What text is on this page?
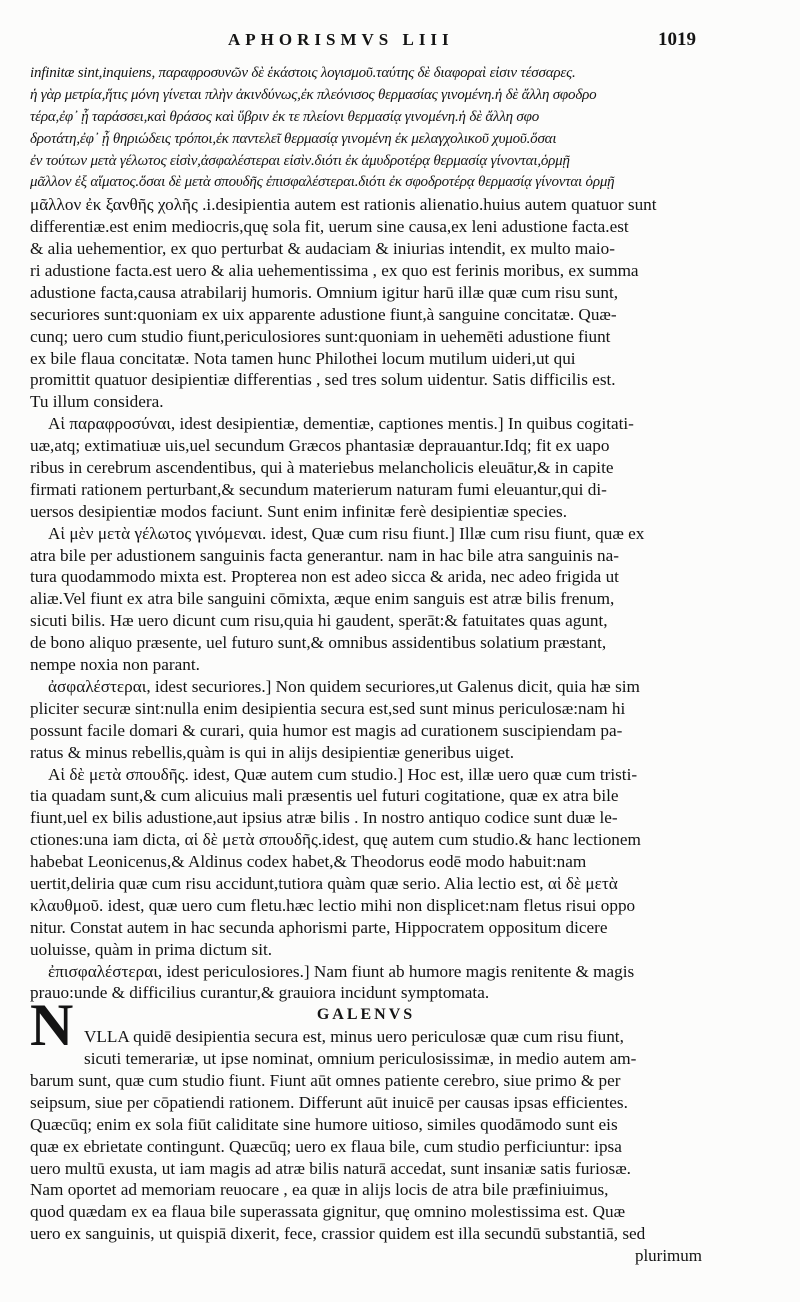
APHORISMVS LIII	1019
infinitæ sint,inquiens, παραφροσυνῶν δὲ ἑκάστοις λογισμοῦ.ταύτης δὲ διαφοραὶ εἰσιν τέσσαρες.
ἡ γὰρ μετρία,ἥτις μόνη γίνεται πλὴν ἀκινδύνως,ἐκ πλεόνισος θερμασίας γινομένη.ἡ δὲ ἄλλη σφοδρο
τέρα,ἐφ᾽ ᾗ ταράσσει,καὶ θράσος καὶ ὕβριν ἐκ τε πλείονι θερμασίᾳ γινομένη.ἡ δὲ ἄλλη σφο
δροτάτη,ἐφ᾽ ᾗ θηριώδεις τρόποι,ἐκ παντελεῖ θερμασίᾳ γινομένη ἐκ μελαγχολικοῦ χυμοῦ.ὅσαι
ἐν τούτων μετὰ γέλωτος εἰσὶν,ἀσφαλέστεραι εἰσὶν.διότι ἐκ ἀμυδροτέρᾳ θερμασίᾳ γίνονται,ὁρμῇ
μᾶλλον ἐξ αἵματος.ὅσαι δὲ μετὰ σπουδῆς ἐπισφαλέστεραι.διότι ἐκ σφοδροτέρᾳ θερμασίᾳ γίνονται ὁρμῇ
μᾶλλον ἐκ ξανθῆς χολῆς .i.desipientia autem est rationis alienatio.huius autem quatuor sunt
differentiæ.est enim mediocris,quę sola fit, uerum sine causa,ex leni adustione facta.est
& alia uehementior, ex quo perturbat & audaciam & iniurias intendit, ex multo maio-
ri adustione facta.est uero & alia uehementissima , ex quo est ferinis moribus, ex summa
adustione facta,causa atrabilarij humoris. Omnium igitur harū illæ quæ cum risu sunt,
securiores sunt:quoniam ex uix apparente adustione fiunt,à sanguine concitatæ. Quæ-
cunq; uero cum studio fiunt,periculosiores sunt:quoniam in uehemēti adustione fiunt
ex bile flaua concitatæ. Nota tamen hunc Philothei locum mutilum uideri,ut qui
promittit quatuor desipientiæ differentias , sed tres solum uidentur. Satis difficilis est.
Tu illum considera.
Αἱ παραφροσύναι, idest desipientiæ, dementiæ, captiones mentis.] In quibus cogitati-
uæ,atq; extimatiuæ uis,uel secundum Græcos phantasiæ deprauantur.Idq; fit ex uapo
ribus in cerebrum ascendentibus, qui à materiebus melancholicis eleuātur,& in capite
firmati rationem perturbant,& secundum materierum naturam fumi eleuantur,qui di-
uersos desipientiæ modos faciunt. Sunt enim infinitæ ferè desipientiæ species.
Αἱ μὲν μετὰ γέλωτος γινόμεναι. idest, Quæ cum risu fiunt.] Illæ cum risu fiunt, quæ ex
atra bile per adustionem sanguinis facta generantur. nam in hac bile atra sanguinis na-
tura quodammodo mixta est. Propterea non est adeo sicca & arida, nec adeo frigida ut
aliæ.Vel fiunt ex atra bile sanguini cōmixta, æque enim sanguis est atræ bilis frenum,
sicuti bilis. Hæ uero dicunt cum risu,quia hi gaudent, sperāt:& fatuitates quas agunt,
de bono aliquo præsente, uel futuro sunt,& omnibus assidentibus solatium præstant,
nempe noxia non parant.
ἀσφαλέστεραι, idest securiores.] Non quidem securiores,ut Galenus dicit, quia hæ sim
pliciter securæ sint:nulla enim desipientia secura est,sed sunt minus periculosæ:nam hi
possunt facile domari & curari, quia humor est magis ad curationem suscipiendam pa-
ratus & minus rebellis,quàm is qui in alijs desipientiæ generibus uiget.
Αἱ δὲ μετὰ σπουδῆς. idest, Quæ autem cum studio.] Hoc est, illæ uero quæ cum tristi-
tia quadam sunt,& cum alicuius mali præsentis uel futuri cogitatione, quæ ex atra bile
fiunt,uel ex bilis adustione,aut ipsius atræ bilis . In nostro antiquo codice sunt duæ le-
ctiones:una iam dicta, αἱ δὲ μετὰ σπουδῆς.idest, quę autem cum studio.& hanc lectionem
habebat Leonicenus,& Aldinus codex habet,& Theodorus eodē modo habuit:nam
uertit,deliria quæ cum risu accidunt,tutiora quàm quæ serio. Alia lectio est, αἱ δὲ μετὰ
κλαυθμοῦ. idest, quæ uero cum fletu.hæc lectio mihi non displicet:nam fletus risui oppo
nitur. Constat autem in hac secunda aphorismi parte, Hippocratem oppositum dicere
uoluisse, quàm in prima dictum sit.
ἐπισφαλέστεραι, idest periculosiores.] Nam fiunt ab humore magis renitente & magis
prauo:unde & difficilius curantur,& grauiora incidunt symptomata.
GALENVS
VLLA quidē desipientia secura est, minus uero periculosæ quæ cum risu fiunt,
sicuti temerariæ, ut ipse nominat, omnium periculosissimæ, in medio autem am-
barum sunt, quæ cum studio fiunt. Fiunt aūt omnes patiente cerebro, siue primo & per
seipsum, siue per cōpatiendi rationem. Differunt aūt inuicē per causas ipsas efficientes.
Quæcūq; enim ex sola fiūt caliditate sine humore uitioso, similes quodāmodo sunt eis
quæ ex ebrietate contingunt. Quæcūq; uero ex flaua bile, cum studio perficiuntur: ipsa
uero multū exusta, ut iam magis ad atræ bilis naturā accedat, sunt insaniæ satis furiosæ.
Nam oportet ad memoriam reuocare , ea quæ in alijs locis de atra bile præfiniuimus,
quod quædam ex ea flaua bile superassata gignitur, quę omnino molestissima est. Quæ
uero ex sanguinis, ut quispiā dixerit, fece, crassior quidem est illa secundū substantiā, sed
plurimum
N
